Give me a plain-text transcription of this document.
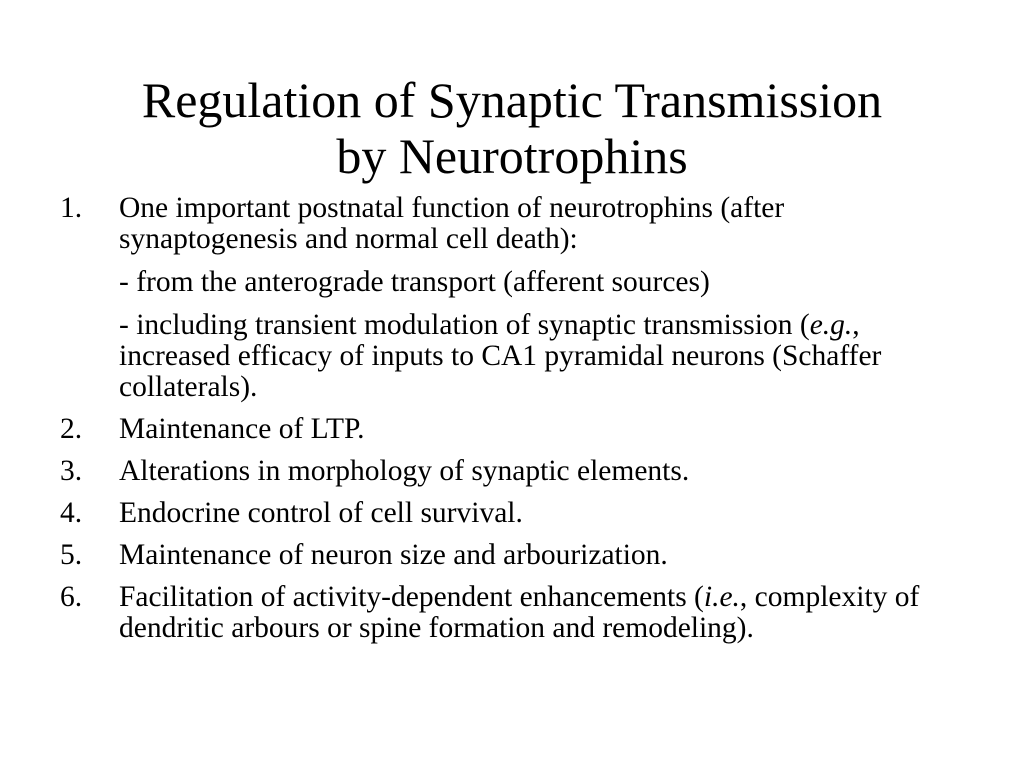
Regulation of Synaptic Transmission
by Neurotrophins
1.	One important postnatal function of neurotrophins (after synaptogenesis and normal cell death):
- from the anterograde transport (afferent sources)
- including transient modulation of synaptic transmission (e.g., increased efficacy of inputs to CA1 pyramidal neurons (Schaffer collaterals).
2.	Maintenance of LTP.
3.	Alterations in morphology of synaptic elements.
4.	Endocrine control of cell survival.
5.	Maintenance of neuron size and arbourization.
6.	Facilitation of activity-dependent enhancements (i.e., complexity of dendritic arbours or spine formation and remodeling).
